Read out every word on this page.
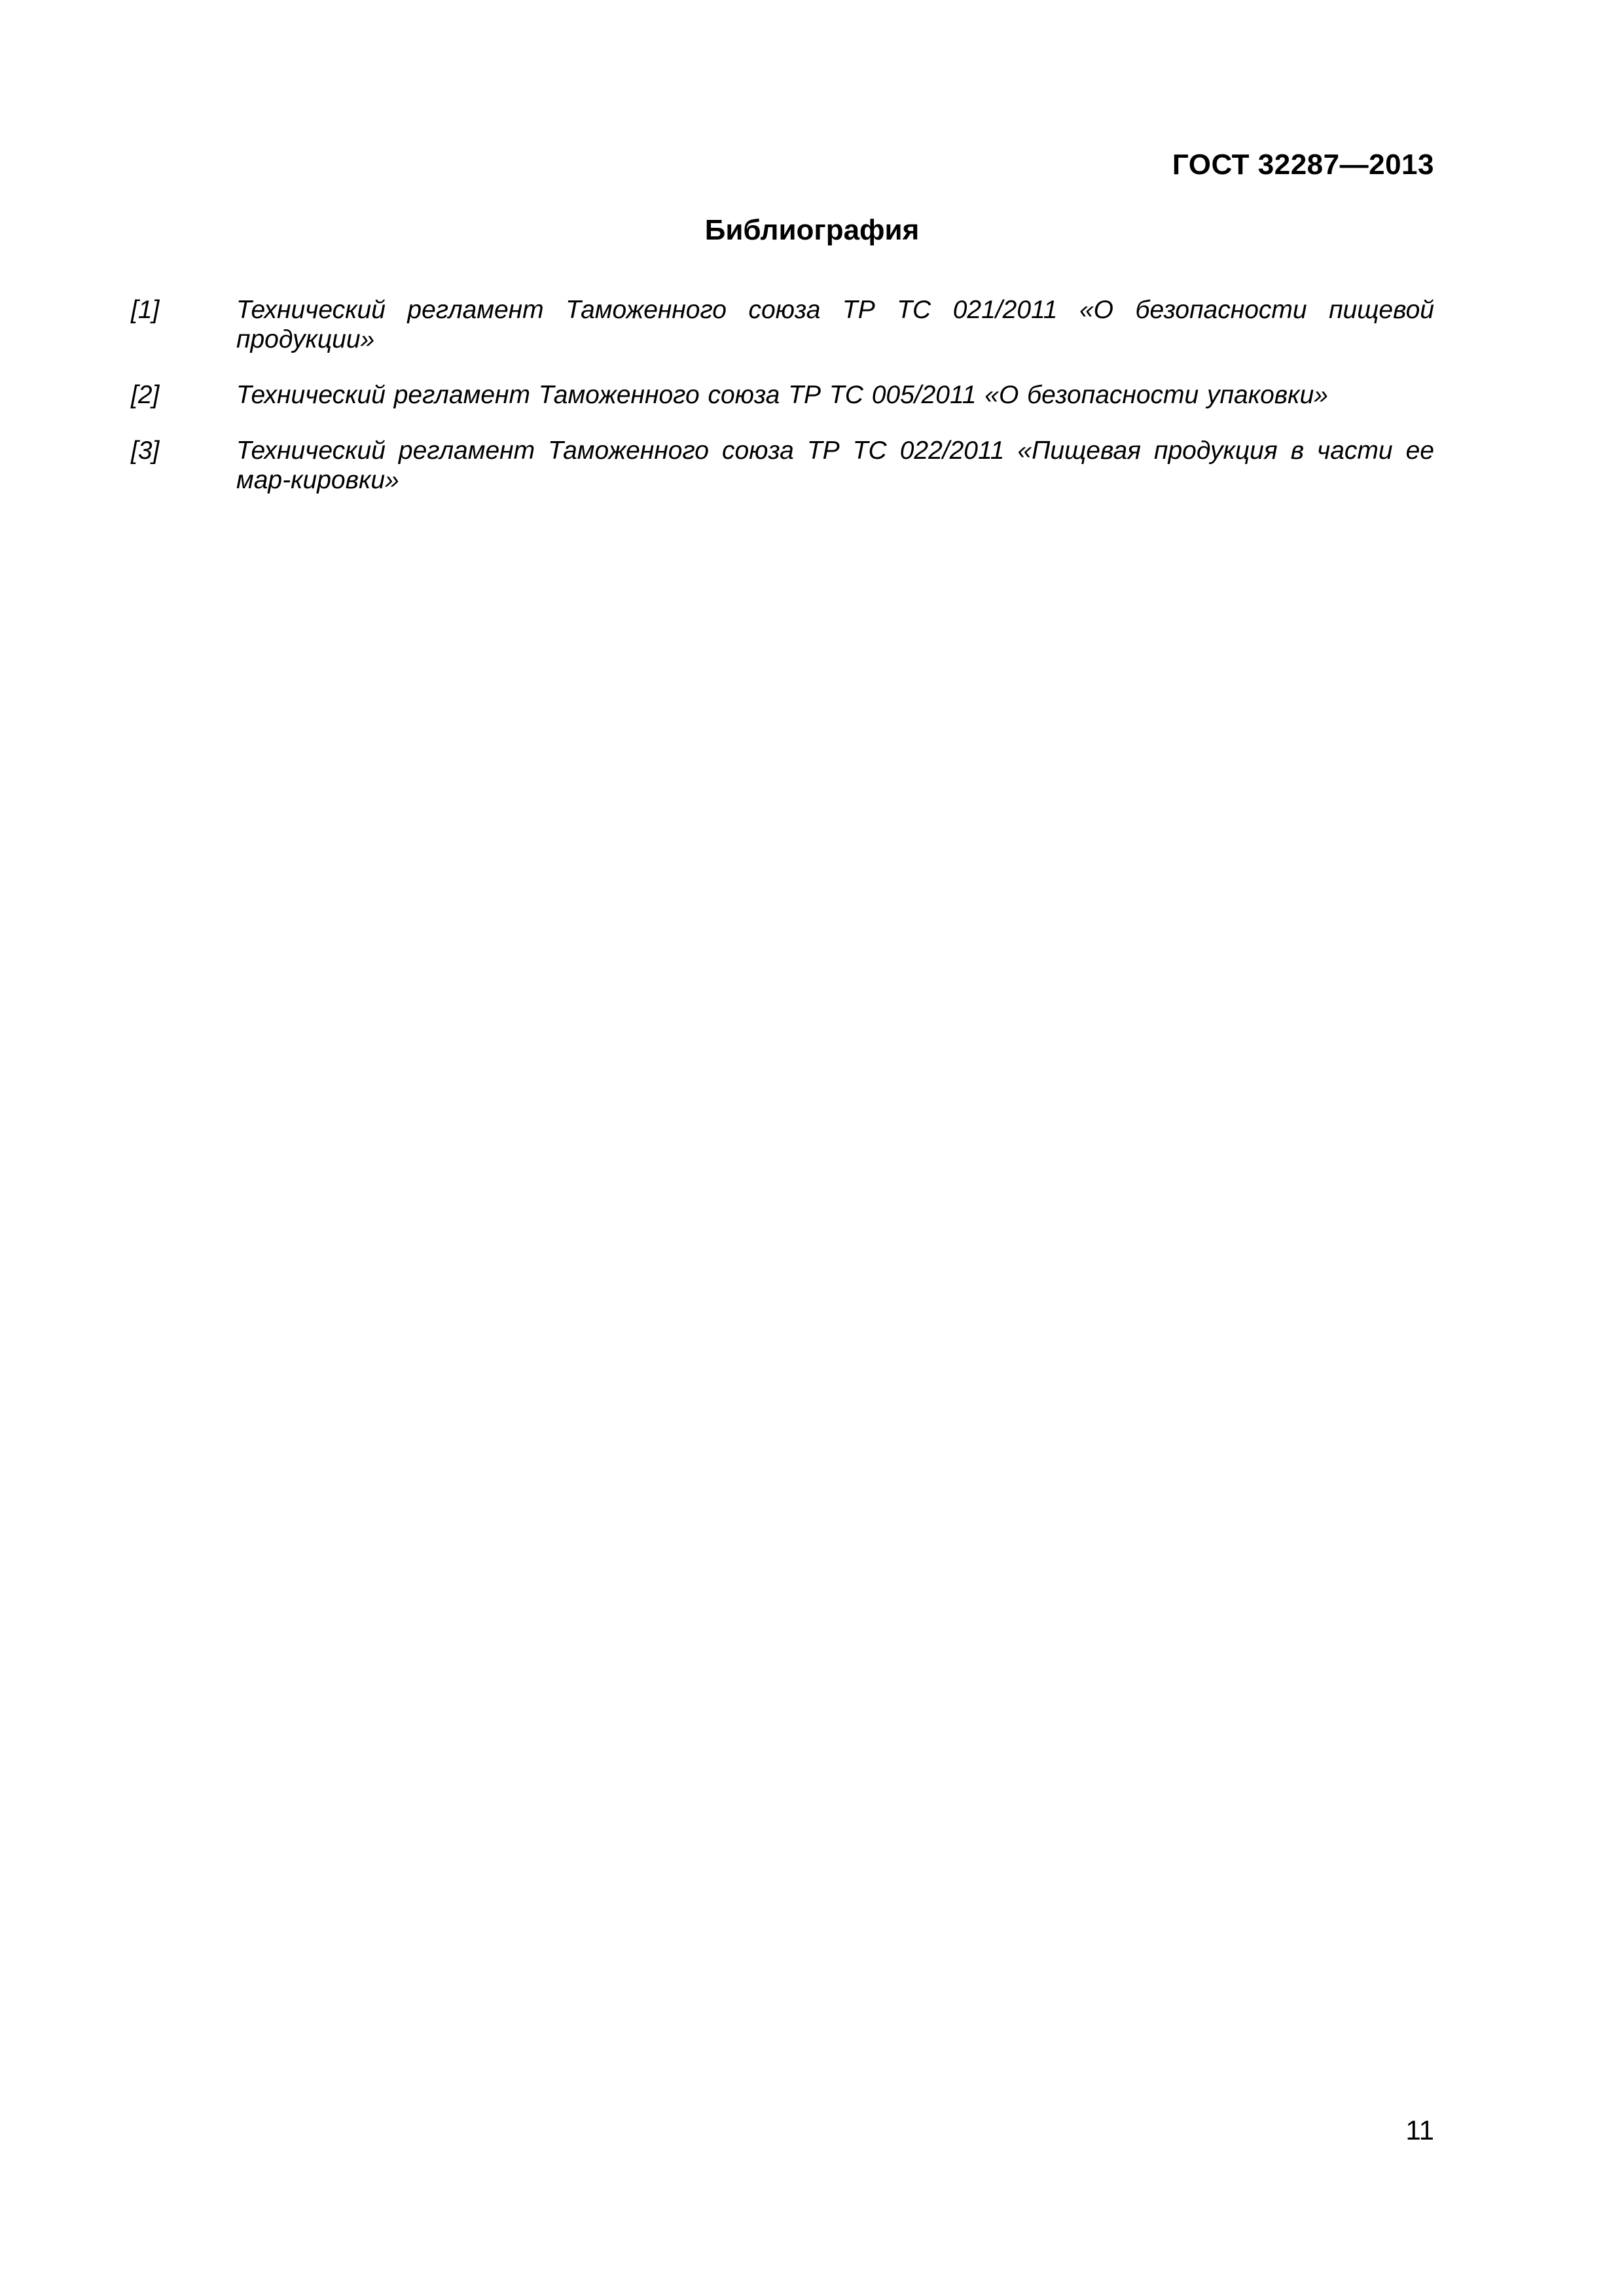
ГОСТ 32287—2013
Библиография
[1]	Технический регламент Таможенного союза ТР ТС 021/2011 «О безопасности пищевой продукции»
[2]	Технический регламент Таможенного союза ТР ТС 005/2011 «О безопасности упаковки»
[3]	Технический регламент Таможенного союза ТР ТС 022/2011 «Пищевая продукция в части ее мар-кировки»
11
